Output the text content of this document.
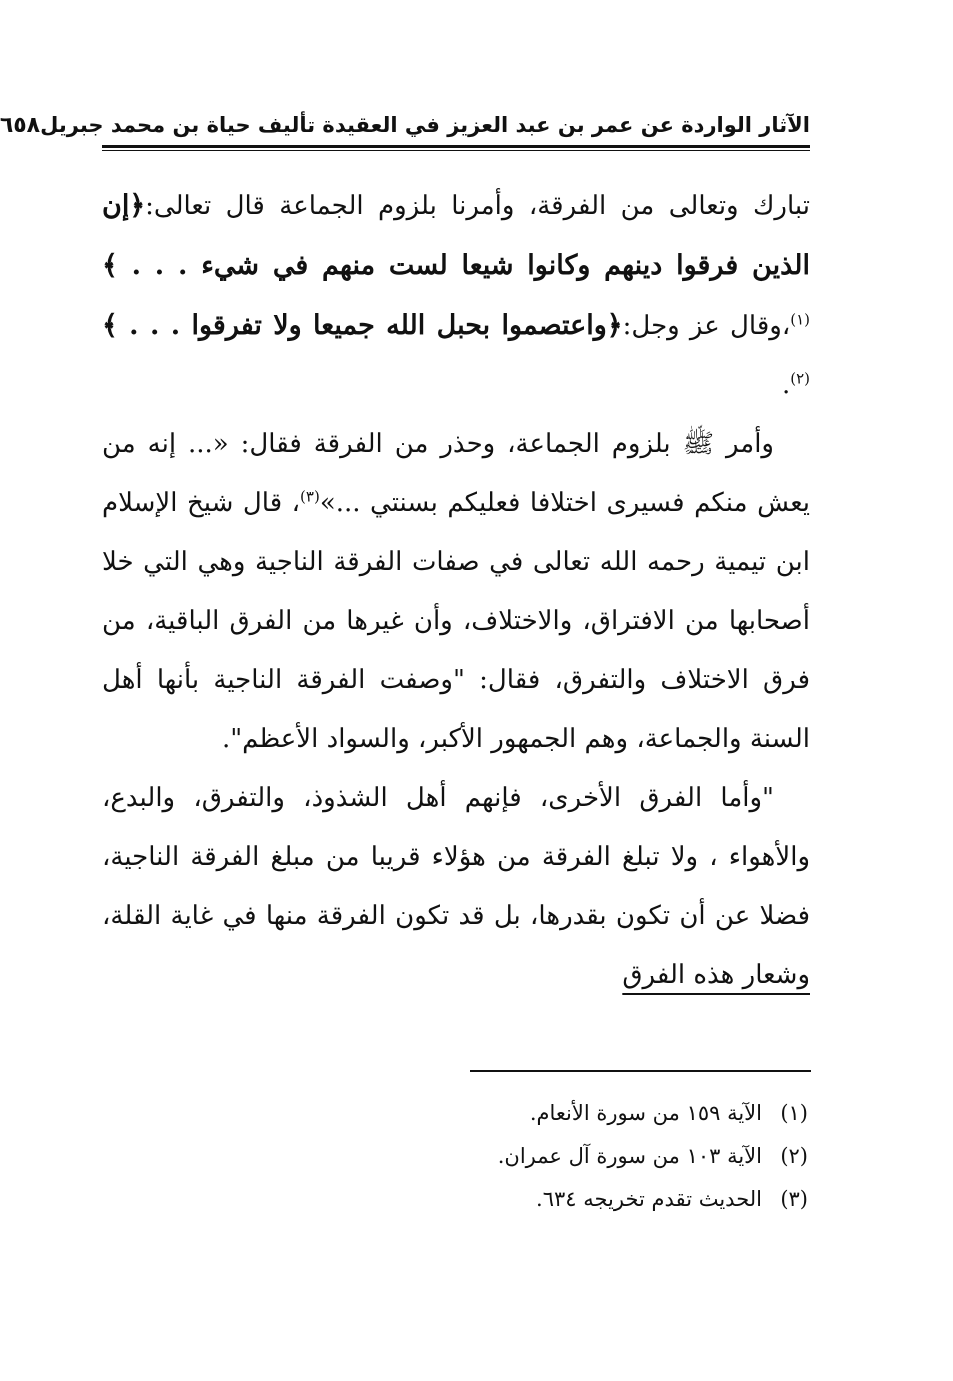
الآثار الواردة عن عمر بن عبد العزيز في العقيدة تأليف حياة بن محمد جبريل
٦٥٨

تبارك وتعالى من الفرقة، وأمرنا بلزوم الجماعة قال تعالى:﴿إن الذين فرقوا دينهم وكانوا شيعا لست منهم في شيء . . . ﴾$^{(١)}$،وقال عز وجل:﴿واعتصموا بحبل الله جميعا ولا تفرقوا . . . ﴾$^{(٢)}$.

وأمر ﷺ بلزوم الجماعة، وحذر من الفرقة فقال: «... إنه من يعش منكم فسيرى اختلافا فعليكم بسنتي ...»$^{(٣)}$، قال شيخ الإسلام ابن تيمية رحمه الله تعالى في صفات الفرقة الناجية وهي التي خلا أصحابها من الافتراق، والاختلاف، وأن غيرها من الفرق الباقية، من فرق الاختلاف والتفرق، فقال: "وصفت الفرقة الناجية بأنها أهل السنة والجماعة، وهم الجمهور الأكبر، والسواد الأعظم".

"وأما الفرق الأخرى، فإنهم أهل الشذوذ، والتفرق، والبدع، والأهواء ، ولا تبلغ الفرقة من هؤلاء قريبا من مبلغ الفرقة الناجية، فضلا عن أن تكون بقدرها، بل قد تكون الفرقة منها في غاية القلة، وشعار هذه الفرق

(١)الآية ١٥٩ من سورة الأنعام.
(٢)الآية ١٠٣ من سورة آل عمران.
(٣)الحديث تقدم تخريجه ٦٣٤.
